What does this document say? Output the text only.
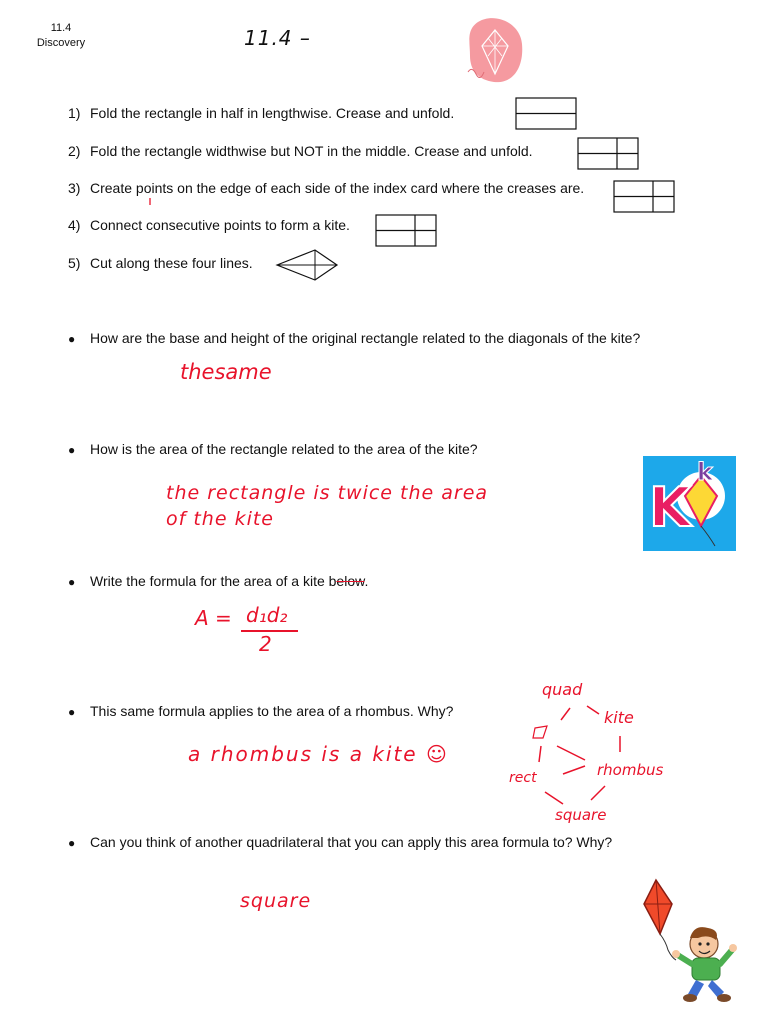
11.4
Discovery	11.4 –
1) Fold the rectangle in half in lengthwise. Crease and unfold.
2) Fold the rectangle widthwise but NOT in the middle. Crease and unfold.
3) Create points on the edge of each side of the index card where the creases are.
4) Connect consecutive points to form a kite.
5) Cut along these four lines.
● How are the base and height of the original rectangle related to the diagonals of the kite?
thesame
● How is the area of the rectangle related to the area of the kite?
the rectangle is twice the area
of the kite	K
k
● Write the formula for the area of a kite below.
A = d₁d₂
2
● This same formula applies to the area of a rhombus. Why?
a rhombus is a kite ☺
quad
kite
rect	rhombus
square
● Can you think of another quadrilateral that you can apply this area formula to? Why?
square
